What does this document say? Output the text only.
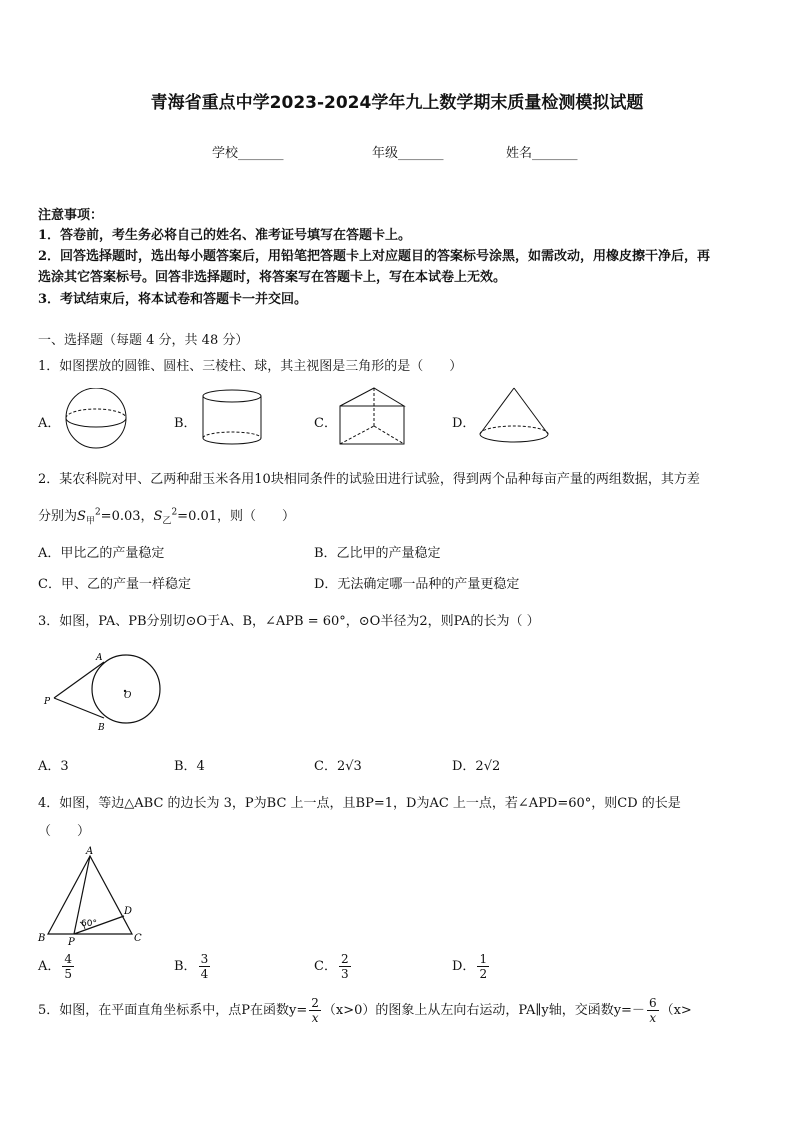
青海省重点中学2023-2024学年九上数学期末质量检测模拟试题
学校_______	年级_______	姓名_______
注意事项：
1．答卷前，考生务必将自己的姓名、准考证号填写在答题卡上。
2．回答选择题时，选出每小题答案后，用铅笔把答题卡上对应题目的答案标号涂黑，如需改动，用橡皮擦干净后，再
选涂其它答案标号。回答非选择题时，将答案写在答题卡上，写在本试卷上无效。
3．考试结束后，将本试卷和答题卡一并交回。
一、选择题（每题 4 分，共 48 分）
1．如图摆放的圆锥、圆柱、三棱柱、球，其主视图是三角形的是（　　）
A．	B．	C．	D．
2．某农科院对甲、乙两种甜玉米各用10块相同条件的试验田进行试验，得到两个品种每亩产量的两组数据，其方差
分别为$S_甲^2=0.03$，$S_乙^2=0.01$，则（　　）
A．甲比乙的产量稳定	B．乙比甲的产量稳定
C．甲、乙的产量一样稳定	D．无法确定哪一品种的产量更稳定
3．如图，PA、PB分别切⊙O于A、B，∠APB = 60°，⊙O半径为2，则PA的长为（ ）
A
P
B
O
A．3	B．4	C．2√3	D．2√2
4．如图，等边△ABC 的边长为 3，P为BC 上一点，且BP=1，D为AC 上一点，若∠APD=60°，则CD 的长是
（　　）
A
B	C
D
P
60°
A． $\frac{4}{5}$	B． $\frac{3}{4}$	C． $\frac{2}{3}$	D． $\frac{1}{2}$
5．如图，在平面直角坐标系中，点P在函数$y= \frac{2}{x} (x>0)$的图象上从左向右运动，PA∥y轴，交函数$y=- \frac{6}{x} (x>$
